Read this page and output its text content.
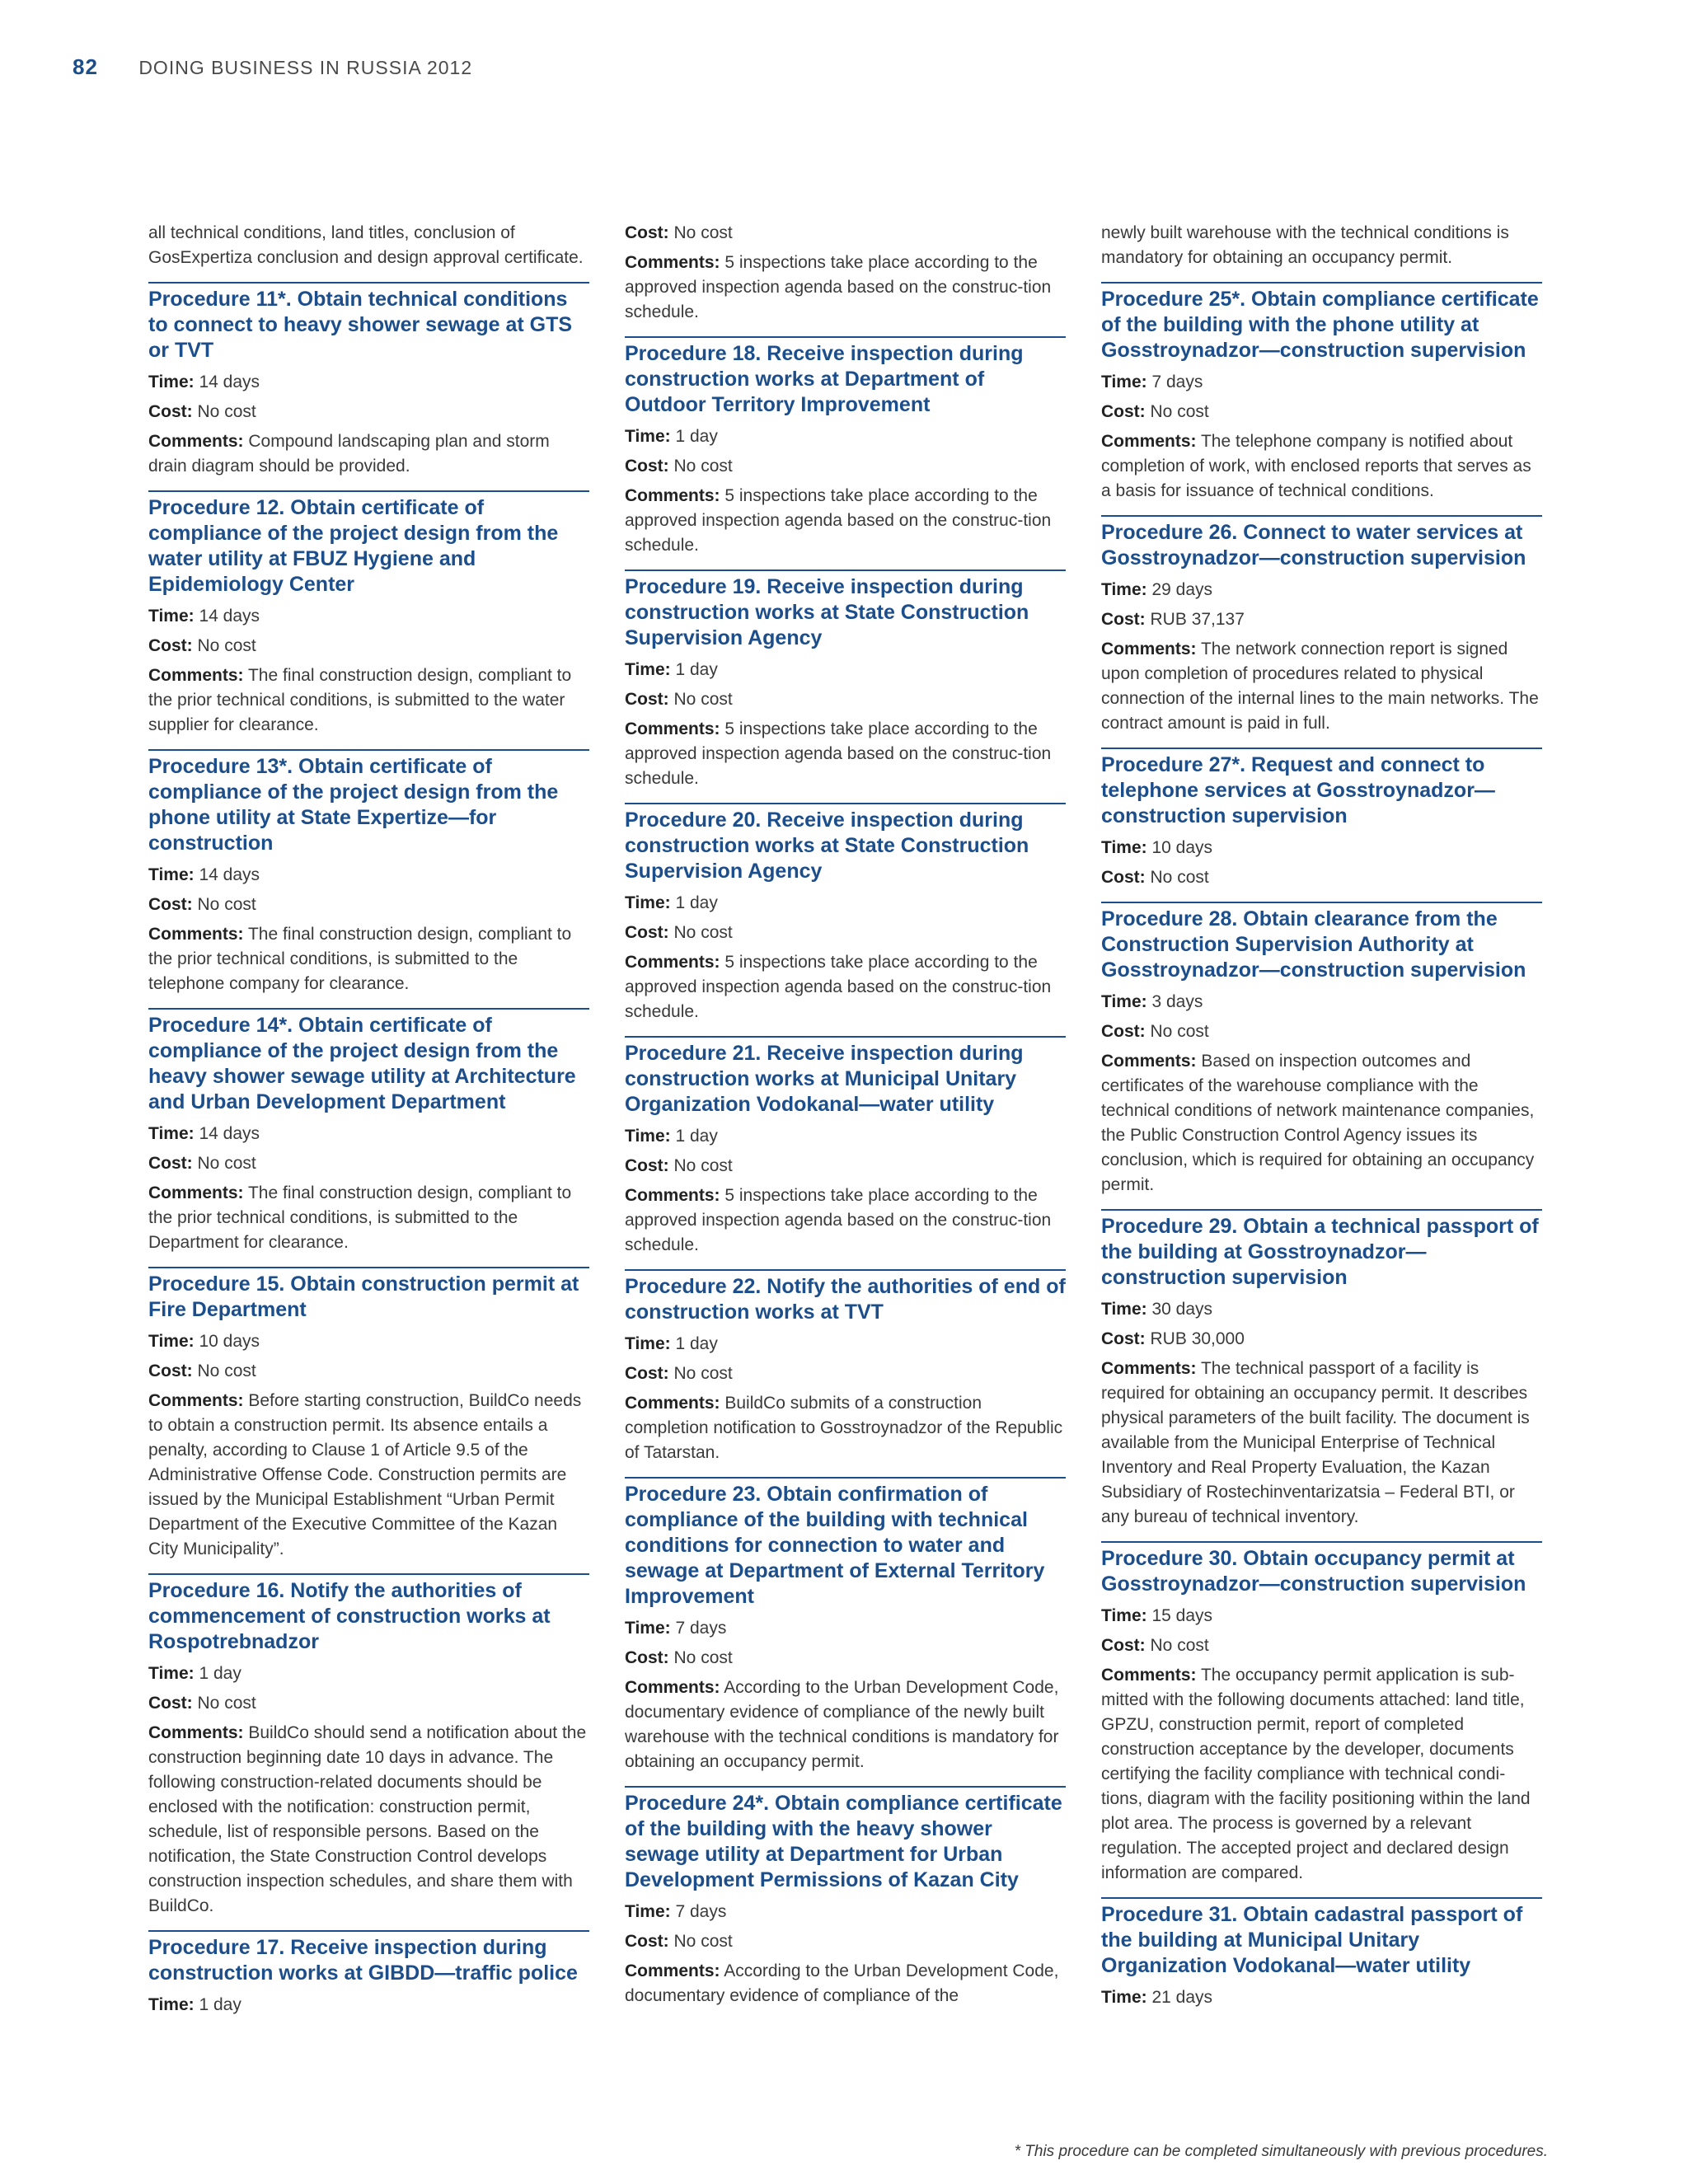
82 DOING BUSINESS IN RUSSIA 2012

all technical conditions, land titles, conclusion of GosExpertiza conclusion and design approval certificate.

Procedure 11*. Obtain technical conditions to connect to heavy shower sewage at GTS or TVT

Time: 14 days

Cost: No cost

Comments: Compound landscaping plan and storm drain diagram should be provided.

Procedure 12. Obtain certificate of compliance of the project design from the water utility at FBUZ Hygiene and Epidemiology Center

Time: 14 days

Cost: No cost

Comments: The final construction design, compliant to the prior technical conditions, is submitted to the water supplier for clearance.

Procedure 13*. Obtain certificate of compliance of the project design from the phone utility at State Expertize—for construction

Time: 14 days

Cost: No cost

Comments: The final construction design, compliant to the prior technical conditions, is submitted to the telephone company for clearance.

Procedure 14*. Obtain certificate of compliance of the project design from the heavy shower sewage utility at Architecture and Urban Development Department

Time: 14 days

Cost: No cost

Comments: The final construction design, compliant to the prior technical conditions, is submitted to the Department for clearance.

Procedure 15. Obtain construction permit at Fire Department

Time: 10 days

Cost: No cost

Comments: Before starting construction, BuildCo needs to obtain a construction permit. Its absence entails a penalty, according to Clause 1 of Article 9.5 of the Administrative Offense Code. Construction permits are issued by the Municipal Establishment “Urban Permit Department of the Executive Committee of the Kazan City Municipality”.

Procedure 16. Notify the authorities of commencement of construction works at Rospotrebnadzor

Time: 1 day

Cost: No cost

Comments: BuildCo should send a notification about the construction beginning date 10 days in advance. The following construction-related documents should be enclosed with the notification: construction permit, schedule, list of responsible persons. Based on the notification, the State Construction Control develops construction inspection schedules, and share them with BuildCo.

Procedure 17. Receive inspection during construction works at GIBDD—traffic police

Time: 1 day

Cost: No cost

Comments: 5 inspections take place according to the approved inspection agenda based on the construc-tion schedule.

Procedure 18. Receive inspection during construction works at Department of Outdoor Territory Improvement

Time: 1 day

Cost: No cost

Comments: 5 inspections take place according to the approved inspection agenda based on the construc-tion schedule.

Procedure 19. Receive inspection during construction works at State Construction Supervision Agency

Time: 1 day

Cost: No cost

Comments: 5 inspections take place according to the approved inspection agenda based on the construc-tion schedule.

Procedure 20. Receive inspection during construction works at State Construction Supervision Agency

Time: 1 day

Cost: No cost

Comments: 5 inspections take place according to the approved inspection agenda based on the construc-tion schedule.

Procedure 21. Receive inspection during construction works at Municipal Unitary Organization Vodokanal—water utility

Time: 1 day

Cost: No cost

Comments: 5 inspections take place according to the approved inspection agenda based on the construc-tion schedule.

Procedure 22. Notify the authorities of end of construction works at TVT

Time: 1 day

Cost: No cost

Comments: BuildCo submits of a construction completion notification to Gosstroynadzor of the Republic of Tatarstan.

Procedure 23. Obtain confirmation of compliance of the building with technical conditions for connection to water and sewage at Department of External Territory Improvement

Time: 7 days

Cost: No cost

Comments: According to the Urban Development Code, documentary evidence of compliance of the newly built warehouse with the technical conditions is mandatory for obtaining an occupancy permit.

Procedure 24*. Obtain compliance certificate of the building with the heavy shower sewage utility at Department for Urban Development Permissions of Kazan City

Time: 7 days

Cost: No cost

Comments: According to the Urban Development Code, documentary evidence of compliance of the

newly built warehouse with the technical conditions is mandatory for obtaining an occupancy permit.

Procedure 25*. Obtain compliance certificate of the building with the phone utility at Gosstroynadzor—construction supervision

Time: 7 days

Cost: No cost

Comments: The telephone company is notified about completion of work, with enclosed reports that serves as a basis for issuance of technical conditions.

Procedure 26. Connect to water services at Gosstroynadzor—construction supervision

Time: 29 days

Cost: RUB 37,137

Comments: The network connection report is signed upon completion of procedures related to physical connection of the internal lines to the main networks. The contract amount is paid in full.

Procedure 27*. Request and connect to telephone services at Gosstroynadzor—construction supervision

Time: 10 days

Cost: No cost

Procedure 28. Obtain clearance from the Construction Supervision Authority at Gosstroynadzor—construction supervision

Time: 3 days

Cost: No cost

Comments: Based on inspection outcomes and certificates of the warehouse compliance with the technical conditions of network maintenance companies, the Public Construction Control Agency issues its conclusion, which is required for obtaining an occupancy permit.

Procedure 29. Obtain a technical passport of the building at Gosstroynadzor—construction supervision

Time: 30 days

Cost: RUB 30,000

Comments: The technical passport of a facility is required for obtaining an occupancy permit. It describes physical parameters of the built facility. The document is available from the Municipal Enterprise of Technical Inventory and Real Property Evaluation, the Kazan Subsidiary of Rostechinventarizatsia – Federal BTI, or any bureau of technical inventory.

Procedure 30. Obtain occupancy permit at Gosstroynadzor—construction supervision

Time: 15 days

Cost: No cost

Comments: The occupancy permit application is sub-mitted with the following documents attached: land title, GPZU, construction permit, report of completed construction acceptance by the developer, documents certifying the facility compliance with technical condi-tions, diagram with the facility positioning within the land plot area. The process is governed by a relevant regulation. The accepted project and declared design information are compared.

Procedure 31. Obtain cadastral passport of the building at Municipal Unitary Organization Vodokanal—water utility

Time: 21 days

* This procedure can be completed simultaneously with previous procedures.
